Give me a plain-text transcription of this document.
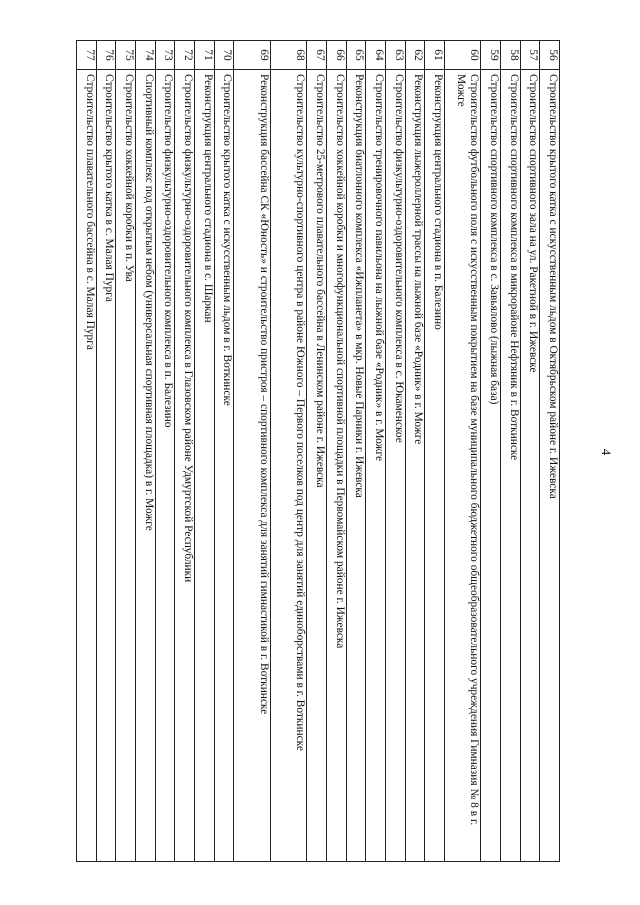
4
56	Строительство крытого катка с искусственным льдом в Октябрьском районе г. Ижевска
57	Строительство спортивного зала на ул. Ракетной в г. Ижевске
58	Строительство спортивного комплекса в микрорайоне Нефтяник в г. Воткинске
59	Строительство спортивного комплекса в с. Завьялово (лыжная база)
60	Строительство футбольного поля с искусственным покрытием на базе муниципального бюджетного общеобразовательного учреждения Гимназия № 8 в г. Можге
61	Реконструкция центрального стадиона в п. Балезино
62	Реконструкция лыжероллерной трассы на лыжной базе «Родник» в г. Можге
63	Строительство физкультурно-оздоровительного комплекса в с. Юкаменское
64	Строительство тренировочного павильона на лыжной базе «Родник» в г. Можге
65	Реконструкция биатлонного комплекса «Ижпланета» в мкр. Новые Парники г. Ижевска
66	Строительство хоккейной коробки и многофункциональной спортивной площадки в Первомайском районе г. Ижевска
67	Строительство 25-метрового плавательного бассейна в Ленинском районе г. Ижевска
68	Строительство культурно-спортивного центра в районе Южного – Первого поселков под центр для занятий единоборствами в г. Воткинске
69	Реконструкция бассейна СК «Юность» и строительство пристроя – спортивного комплекса для занятий гимнастикой в г. Воткинске
70	Строительство крытого катка с искусственным льдом в г. Воткинске
71	Реконструкция центрального стадиона в с. Шаркан
72	Строительство физкультурно-оздоровительного комплекса в Глазовском районе Удмуртской Республики
73	Строительство физкультурно-оздоровительного комплекса в п. Балезино
74	Спортивный комплекс под открытым небом (универсальная спортивная площадка) в г. Можге
75	Строительство хоккейной коробки в п. Ува
76	Строительство крытого катка в с. Малая Пурга
77	Строительство плавательного бассейна в с. Малая Пурга
